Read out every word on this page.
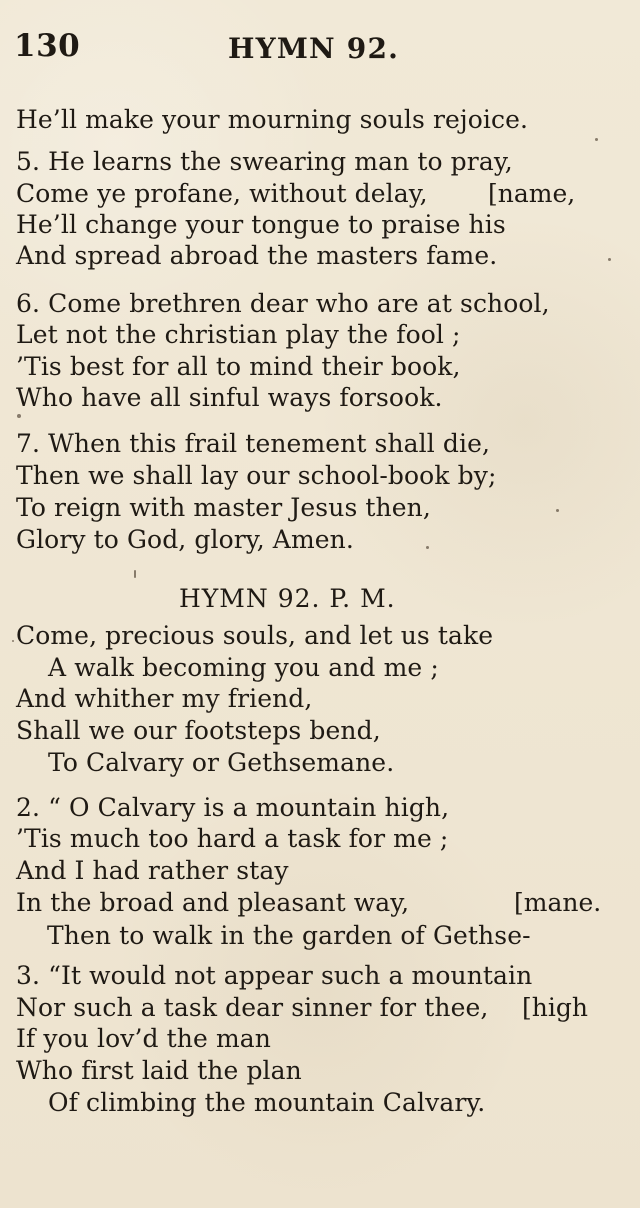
130	HYMN 92.
He’ll make your mourning souls rejoice.
5. He learns the swearing man to pray,
Come ye profane, without delay, [name,
He’ll change your tongue to praise his
And spread abroad the masters fame.
6. Come brethren dear who are at school,
Let not the christian play the fool ;
’Tis best for all to mind their book,
Who have all sinful ways forsook.
7. When this frail tenement shall die,
Then we shall lay our school-book by;
To reign with master Jesus then,
Glory to God, glory, Amen.
HYMN 92. P. M.
Come, precious souls, and let us take
A walk becoming you and me ;
And whither my friend,
Shall we our footsteps bend,
To Calvary or Gethsemane.
2. “ O Calvary is a mountain high,
’Tis much too hard a task for me ;
And I had rather stay
In the broad and pleasant way,	[mane.
Then to walk in the garden of Gethse-
3. “It would not appear such a mountain
Nor such a task dear sinner for thee, [high
If you lov’d the man
Who first laid the plan
Of climbing the mountain Calvary.
